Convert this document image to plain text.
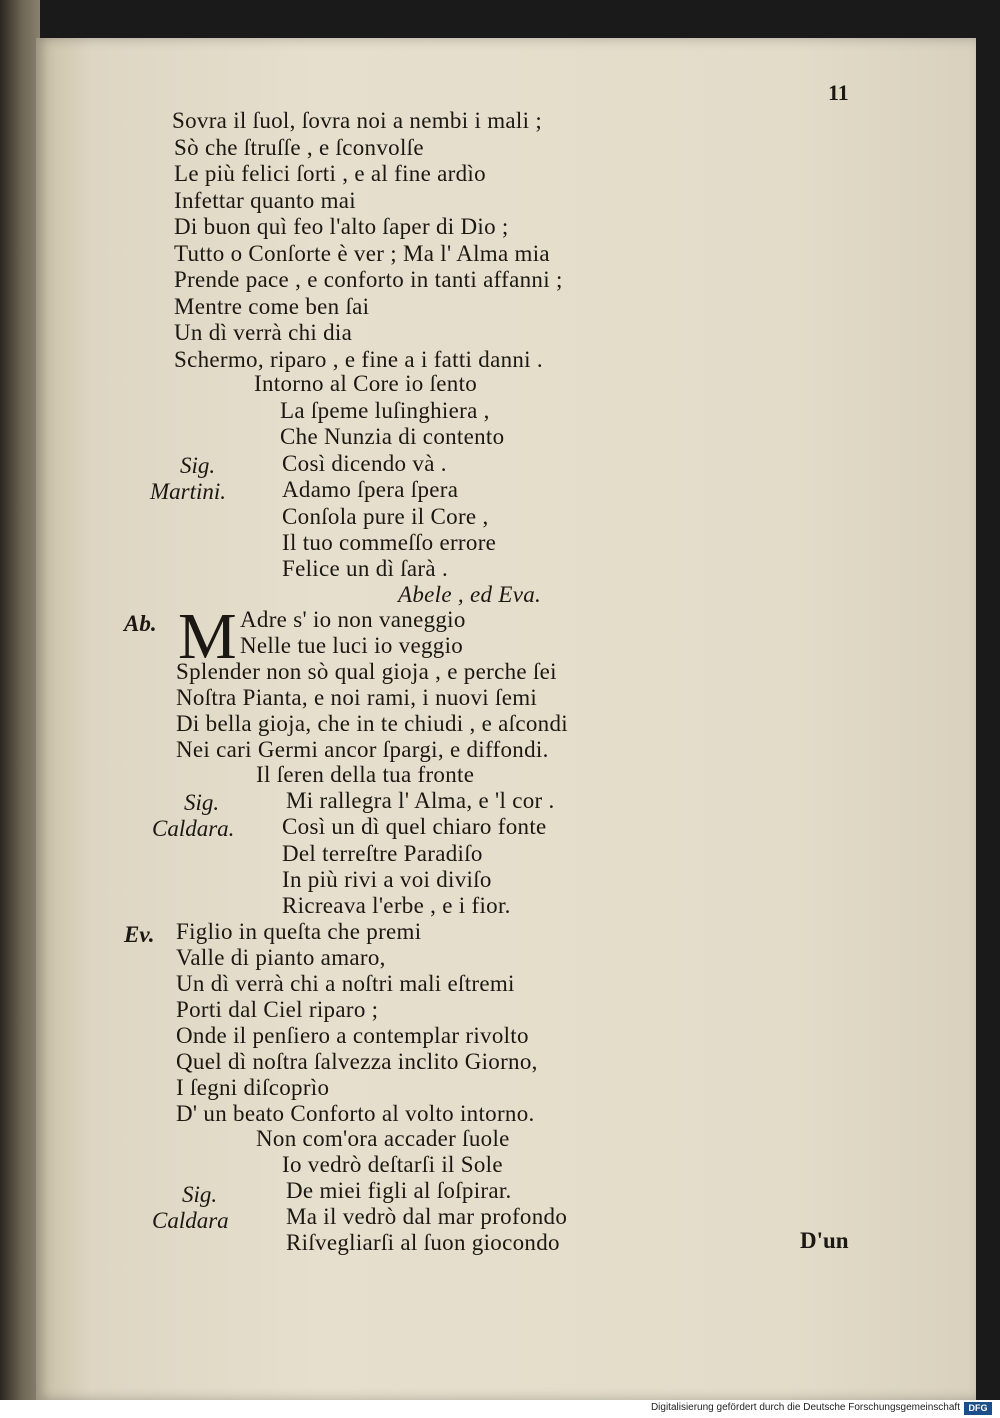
11
Sovra il ſuol, ſovra noi a nembi i mali ;
Sò che ſtruſſe , e ſconvolſe
Le più felici ſorti , e al fine ardìo
Infettar quanto mai
Di buon quì feo l'alto ſaper di Dio ;
Tutto o Conſorte è ver ; Ma l' Alma mia
Prende pace , e conforto in tanti affanni ;
Mentre come ben ſai
Un dì verrà chi dia
Schermo, riparo , e fine a i fatti danni .
Intorno al Core io ſento
La ſpeme luſinghiera ,
Che Nunzia di contento
Così dicendo và .
Adamo ſpera ſpera
Conſola pure il Core ,
Il tuo commeſſo errore
Felice un dì ſarà .
Abele , ed Eva.
M Adre s' io non vaneggio
Nelle tue luci io veggio
Splender non sò qual gioja , e perche ſei
Noſtra Pianta, e noi rami, i nuovi ſemi
Di bella gioja, che in te chiudi , e aſcondi
Nei cari Germi ancor ſpargi, e diffondi.
Il ſeren della tua fronte
Mi rallegra l' Alma, e 'l cor .
Così un dì quel chiaro fonte
Del terreſtre Paradiſo
In più rivi a voi diviſo
Ricreava l'erbe , e i fior.
Figlio in queſta che premi
Valle di pianto amaro,
Un dì verrà chi a noſtri mali eſtremi
Porti dal Ciel riparo ;
Onde il penſiero a contemplar rivolto
Quel dì noſtra ſalvezza inclito Giorno,
I ſegni diſcoprìo
D' un beato Conforto al volto intorno.
Non com'ora accader ſuole
Io vedrò deſtarſi il Sole
De miei figli al ſoſpirar.
Ma il vedrò dal mar profondo
Riſvegliarſi al ſuon giocondo
Sig.
Martini.
Ab.
Sig.
Caldara.
Ev.
Sig.
Caldara
D'un
Digitalisierung gefördert durch die Deutsche Forschungsgemeinschaft DFG
